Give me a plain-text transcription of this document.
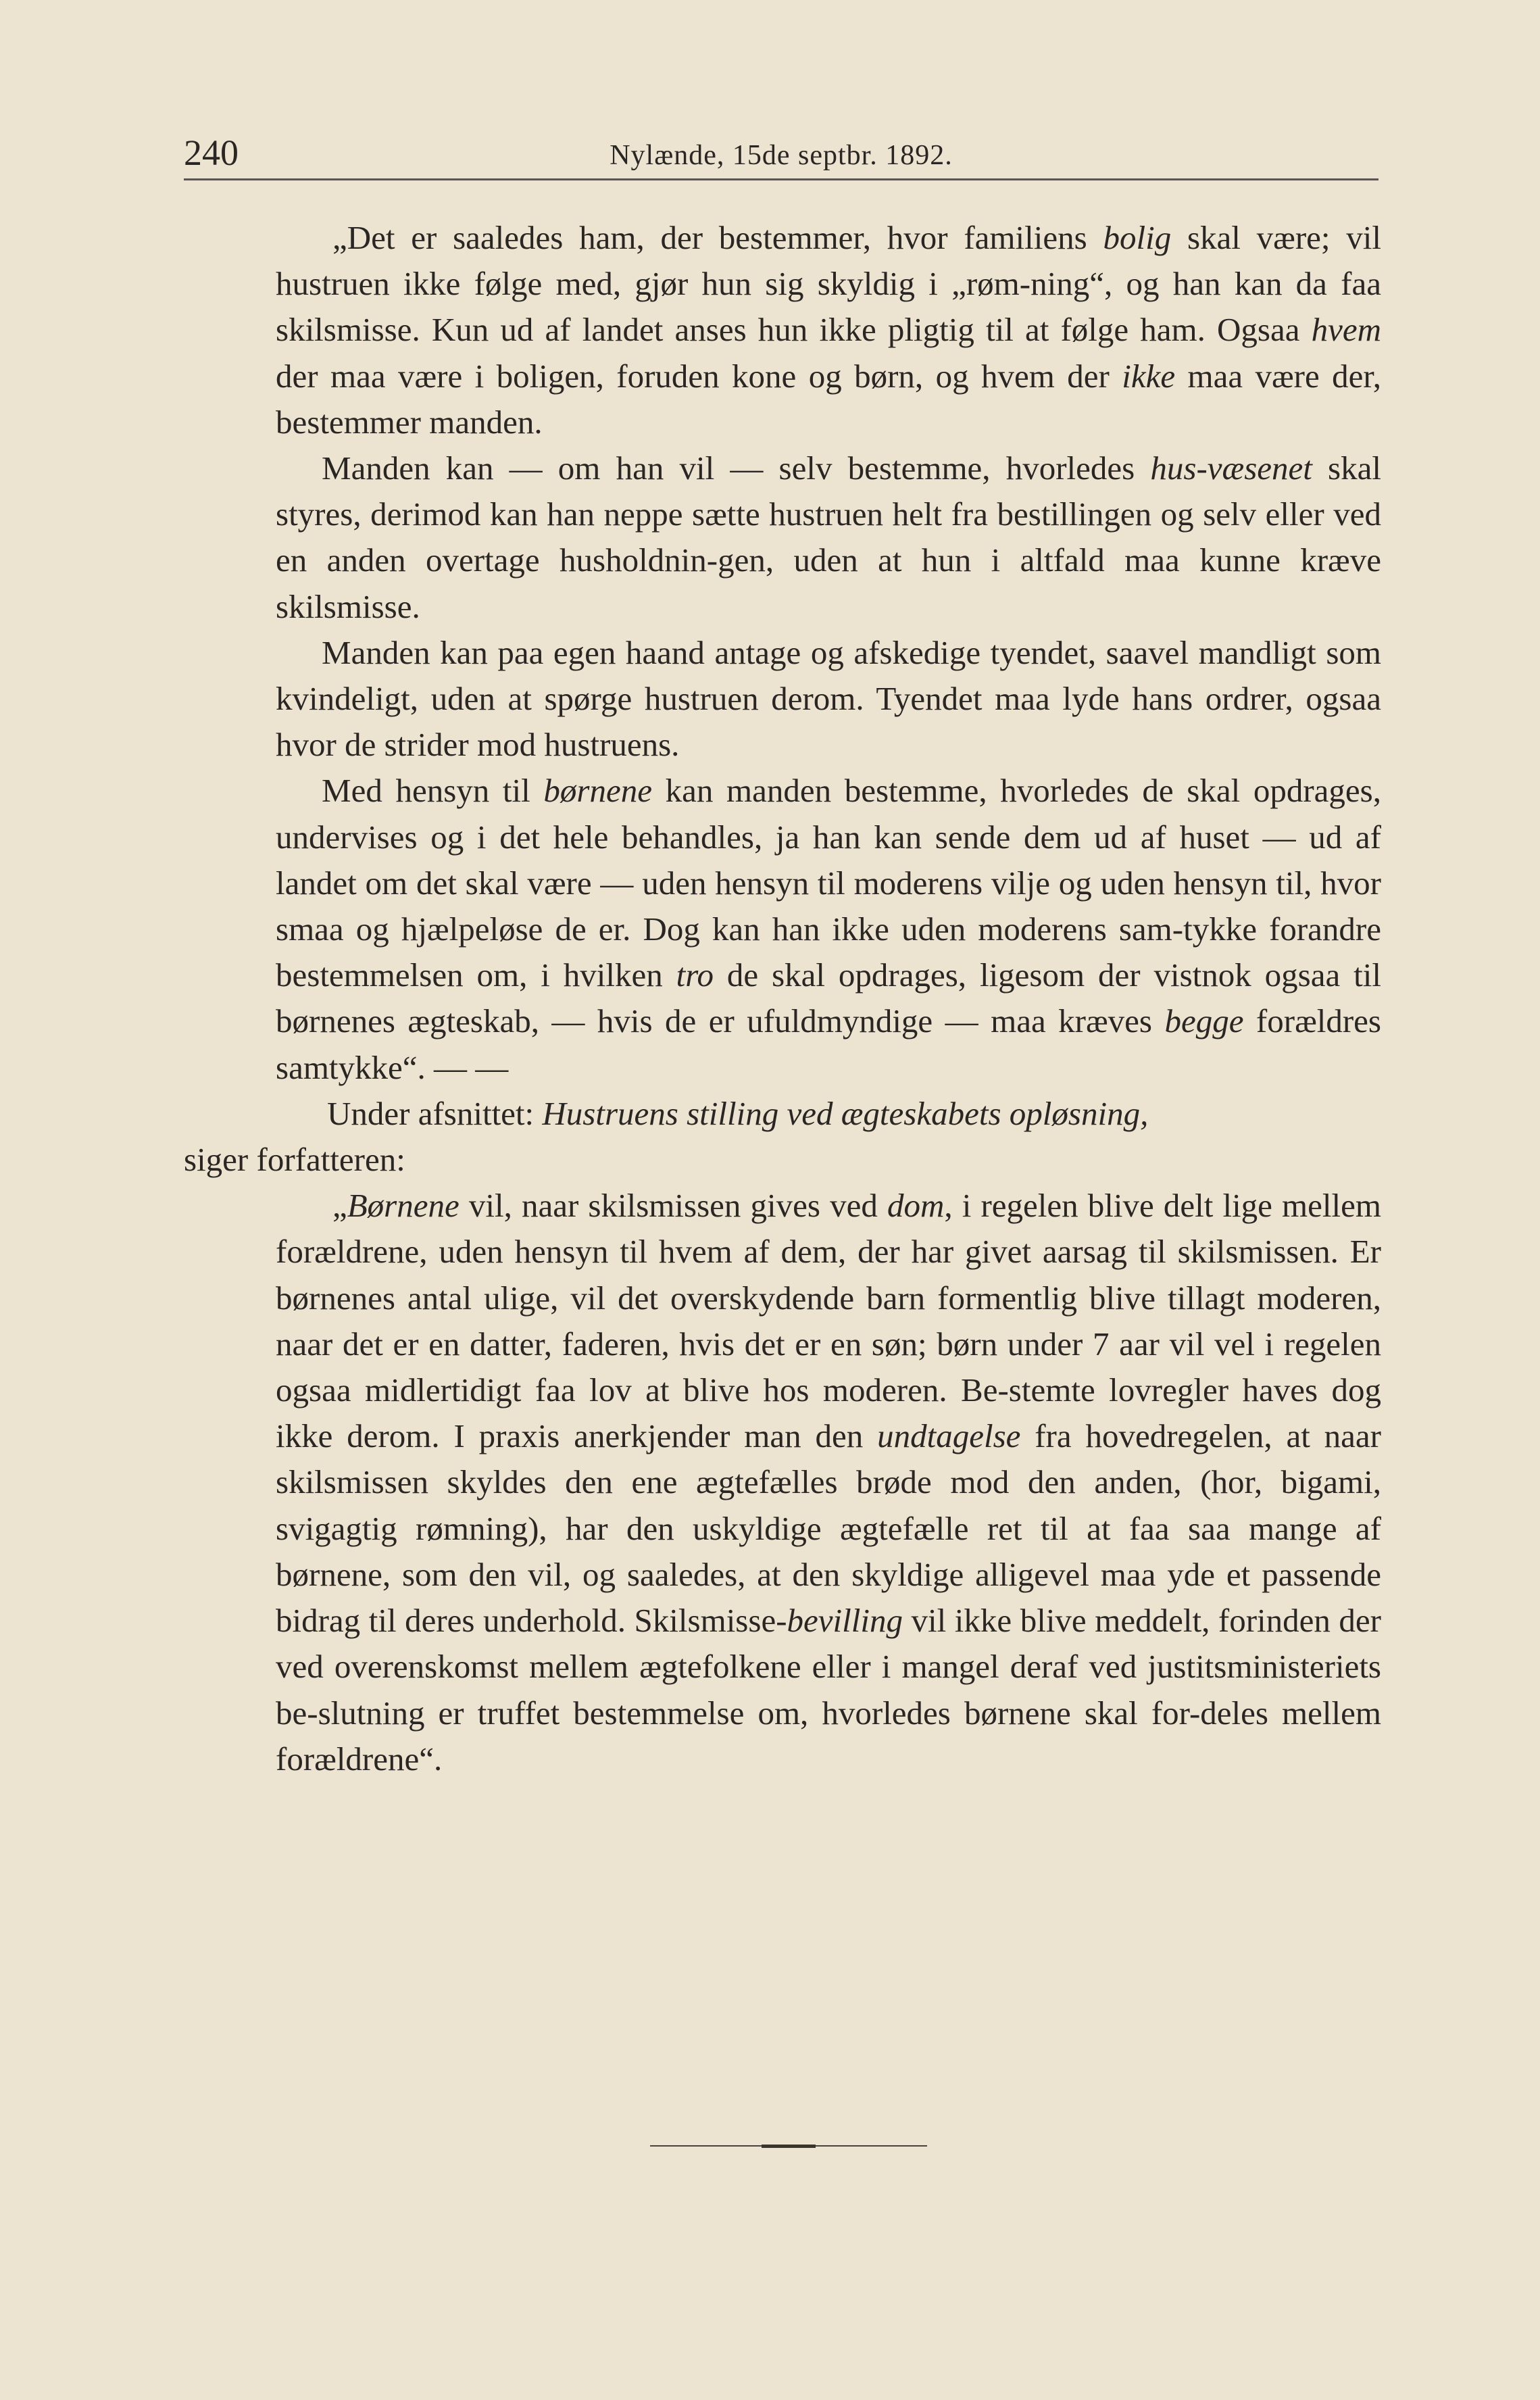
240	Nylænde, 15de septbr. 1892.

„Det er saaledes ham, der bestemmer, hvor familiens bolig skal være; vil hustruen ikke følge med, gjør hun sig skyldig i „røm-ning“, og han kan da faa skilsmisse. Kun ud af landet anses hun ikke pligtig til at følge ham. Ogsaa hvem der maa være i boligen, foruden kone og børn, og hvem der ikke maa være der, bestemmer manden.

Manden kan — om han vil — selv bestemme, hvorledes hus-væsenet skal styres, derimod kan han neppe sætte hustruen helt fra bestillingen og selv eller ved en anden overtage husholdnin-gen, uden at hun i altfald maa kunne kræve skilsmisse.

Manden kan paa egen haand antage og afskedige tyendet, saavel mandligt som kvindeligt, uden at spørge hustruen derom. Tyendet maa lyde hans ordrer, ogsaa hvor de strider mod hustruens.

Med hensyn til børnene kan manden bestemme, hvorledes de skal opdrages, undervises og i det hele behandles, ja han kan sende dem ud af huset — ud af landet om det skal være — uden hensyn til moderens vilje og uden hensyn til, hvor smaa og hjælpeløse de er. Dog kan han ikke uden moderens sam-tykke forandre bestemmelsen om, i hvilken tro de skal opdrages, ligesom der vistnok ogsaa til børnenes ægteskab, — hvis de er ufuldmyndige — maa kræves begge forældres samtykke“. — —

Under afsnittet: Hustruens stilling ved ægteskabets opløsning,

siger forfatteren:

„Børnene vil, naar skilsmissen gives ved dom, i regelen blive delt lige mellem forældrene, uden hensyn til hvem af dem, der har givet aarsag til skilsmissen. Er børnenes antal ulige, vil det overskydende barn formentlig blive tillagt moderen, naar det er en datter, faderen, hvis det er en søn; børn under 7 aar vil vel i regelen ogsaa midlertidigt faa lov at blive hos moderen. Be-stemte lovregler haves dog ikke derom. I praxis anerkjender man den undtagelse fra hovedregelen, at naar skilsmissen skyldes den ene ægtefælles brøde mod den anden, (hor, bigami, svigagtig rømning), har den uskyldige ægtefælle ret til at faa saa mange af børnene, som den vil, og saaledes, at den skyldige alligevel maa yde et passende bidrag til deres underhold. Skilsmisse-bevilling vil ikke blive meddelt, forinden der ved overenskomst mellem ægtefolkene eller i mangel deraf ved justitsministeriets be-slutning er truffet bestemmelse om, hvorledes børnene skal for-deles mellem forældrene“.
